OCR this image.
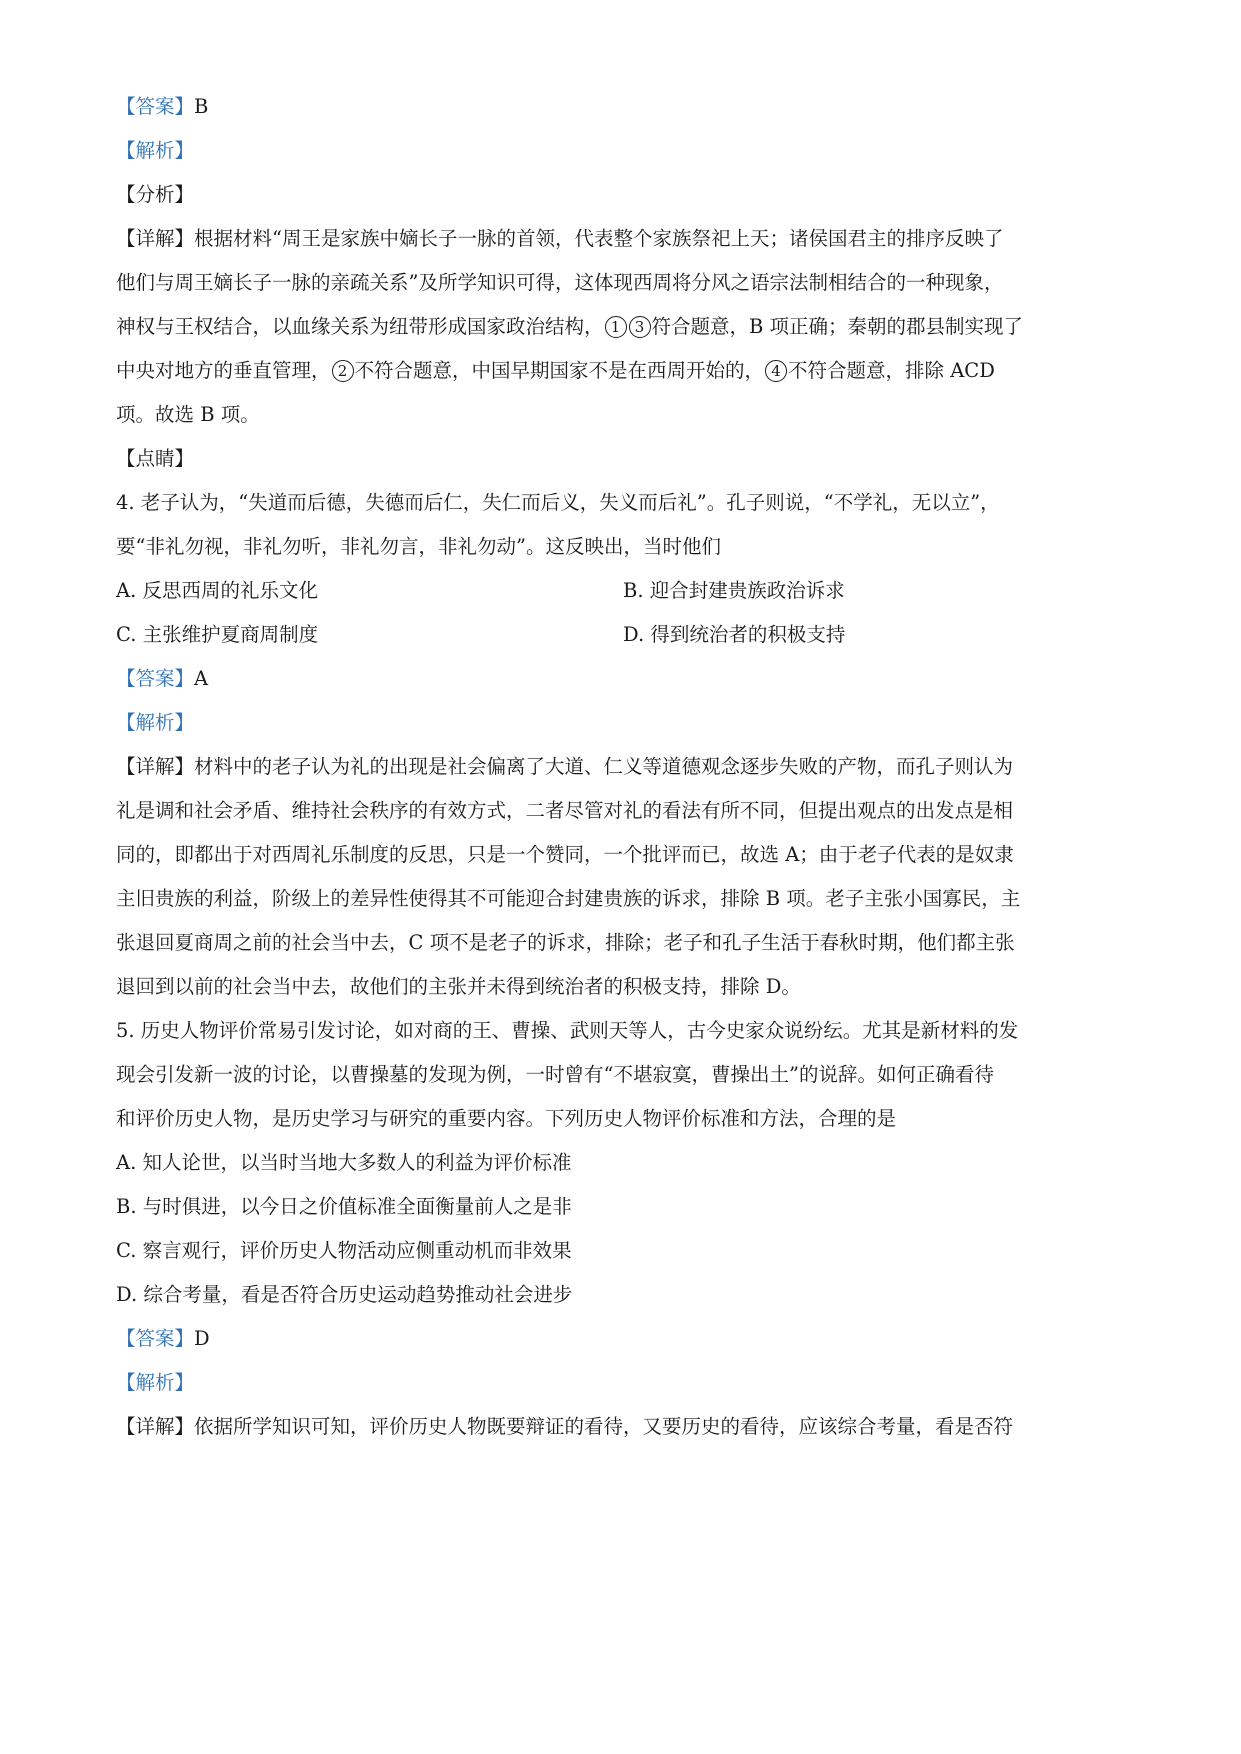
【答案】B
【解析】
【分析】
【详解】根据材料“周王是家族中嫡长子一脉的首领，代表整个家族祭祀上天；诸侯国君主的排序反映了
他们与周王嫡长子一脉的亲疏关系”及所学知识可得，这体现西周将分风之语宗法制相结合的一种现象，
神权与王权结合，以血缘关系为纽带形成国家政治结构， 1 3 符合题意，B 项正确；秦朝的郡县制实现了
中央对地方的垂直管理， 2 不符合题意，中国早期国家不是在西周开始的， 4 不符合题意，排除 ACD
项。故选 B 项。
【点睛】
4. 老子认为，“失道而后德，失德而后仁，失仁而后义，失义而后礼”。孔子则说，“不学礼，无以立”，
要“非礼勿视，非礼勿听，非礼勿言，非礼勿动”。这反映出，当时他们
A. 反思西周的礼乐文化	B. 迎合封建贵族政治诉求
C. 主张维护夏商周制度	D. 得到统治者的积极支持
【答案】A
【解析】
【详解】材料中的老子认为礼的出现是社会偏离了大道、仁义等道德观念逐步失败的产物，而孔子则认为
礼是调和社会矛盾、维持社会秩序的有效方式，二者尽管对礼的看法有所不同，但提出观点的出发点是相
同的，即都出于对西周礼乐制度的反思，只是一个赞同，一个批评而已，故选 A；由于老子代表的是奴隶
主旧贵族的利益，阶级上的差异性使得其不可能迎合封建贵族的诉求，排除 B 项。老子主张小国寡民，主
张退回夏商周之前的社会当中去，C 项不是老子的诉求，排除；老子和孔子生活于春秋时期，他们都主张
退回到以前的社会当中去，故他们的主张并未得到统治者的积极支持，排除 D。
5. 历史人物评价常易引发讨论，如对商的王、曹操、武则天等人，古今史家众说纷纭。尤其是新材料的发
现会引发新一波的讨论，以曹操墓的发现为例，一时曾有“不堪寂寞，曹操出土”的说辞。如何正确看待
和评价历史人物，是历史学习与研究的重要内容。下列历史人物评价标准和方法，合理的是
A. 知人论世，以当时当地大多数人的利益为评价标准
B. 与时俱进，以今日之价值标准全面衡量前人之是非
C. 察言观行，评价历史人物活动应侧重动机而非效果
D. 综合考量，看是否符合历史运动趋势推动社会进步
【答案】D
【解析】
【详解】依据所学知识可知，评价历史人物既要辩证的看待，又要历史的看待，应该综合考量，看是否符
